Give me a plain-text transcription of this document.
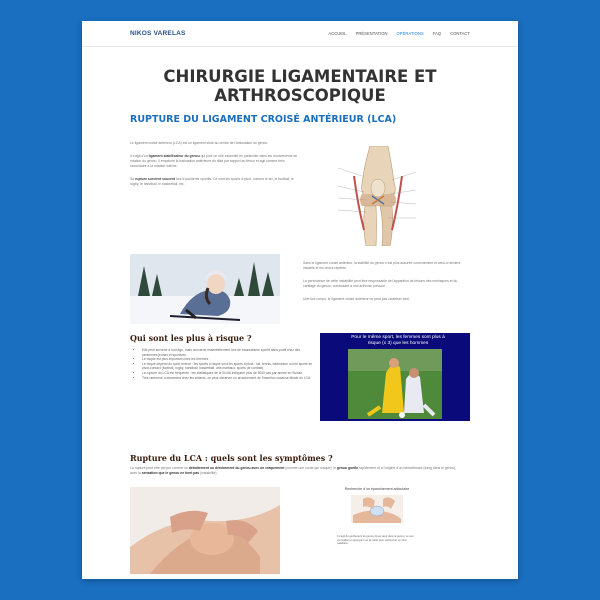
NIKOS VARELAS	ACCUEIL PRÉSENTATION OPÉRATIONS FAQ CONTACT
CHIRURGIE LIGAMENTAIRE ET
ARTHROSCOPIQUE
RUPTURE DU LIGAMENT CROISÉ ANTÉRIEUR (LCA)

Le ligament croisé antérieur (LCA) est un ligament situé au centre de l'articulation du genou.

Il s'agit d'un ligament stabilisateur du genou qui joue un rôle essentiel en particulier dans les mouvements de rotation du genou. Il empêche la translation antérieure du tibia par rapport au fémur et agit comme frein secondaire à la rotation interne.

Sa rupture survient souvent lors d'accidents sportifs. Ce sont les sports à pivot, comme le ski, le football, le rugby, le handball, le basketball, etc.

Sans le ligament croisé antérieur, la stabilité du genou n'est plus assurée correctement et celui-ci devient instable et les chocs répétés.

La persistance de cette instabilité peut être responsable de l'apparition de lésions des ménisques et du cartilage du genou, conduisant à une arthrose précoce.

Une fois rompu, le ligament croisé antérieur ne peut pas cicatriser seul.

Qui sont les plus à risque ?
• Elle peut survenir à tout âge, mais concerne essentiellement lors de traumatisme sportif dans profil chez des personnes jeunes et sportives.
• Le risque est plus important chez les femmes.
• Le risque dépend du sport exercé : les sports à risque sont les sports à pivot : ski, tennis, badminton ou les sports en pivot-contact (football, rugby, handball, basketball, arts martiaux, sports de combat).
• La rupture du LCA est fréquente : les statistiques de la SUVA indiquent plus de 5000 cas par année en Suisse.
• Très rarement, notamment chez les enfants, on peut observer un arrachement de l'insertion osseuse tibiale du LCA.
Pour le même sport, les femmes sont plus à risque (x 3) que les hommes
Rupture du LCA : quels sont les symptômes ?

La rupture peut être perçue comme un déboîtement ou dérobement du genou avec un craquement (comme une corde qui craque), le genou gonfle rapidement et a l'origine d'un hémarthrose (sang dans le genou), avec la sensation que le genou ne tient pas (instabilité).

Recherche d'un épanchement articulaire
Il s'agit du gonflement du genou dû au sang dans le genou. Le test est réalisé en appuyant sur la rotule pour rechercher un choc patellaire.
